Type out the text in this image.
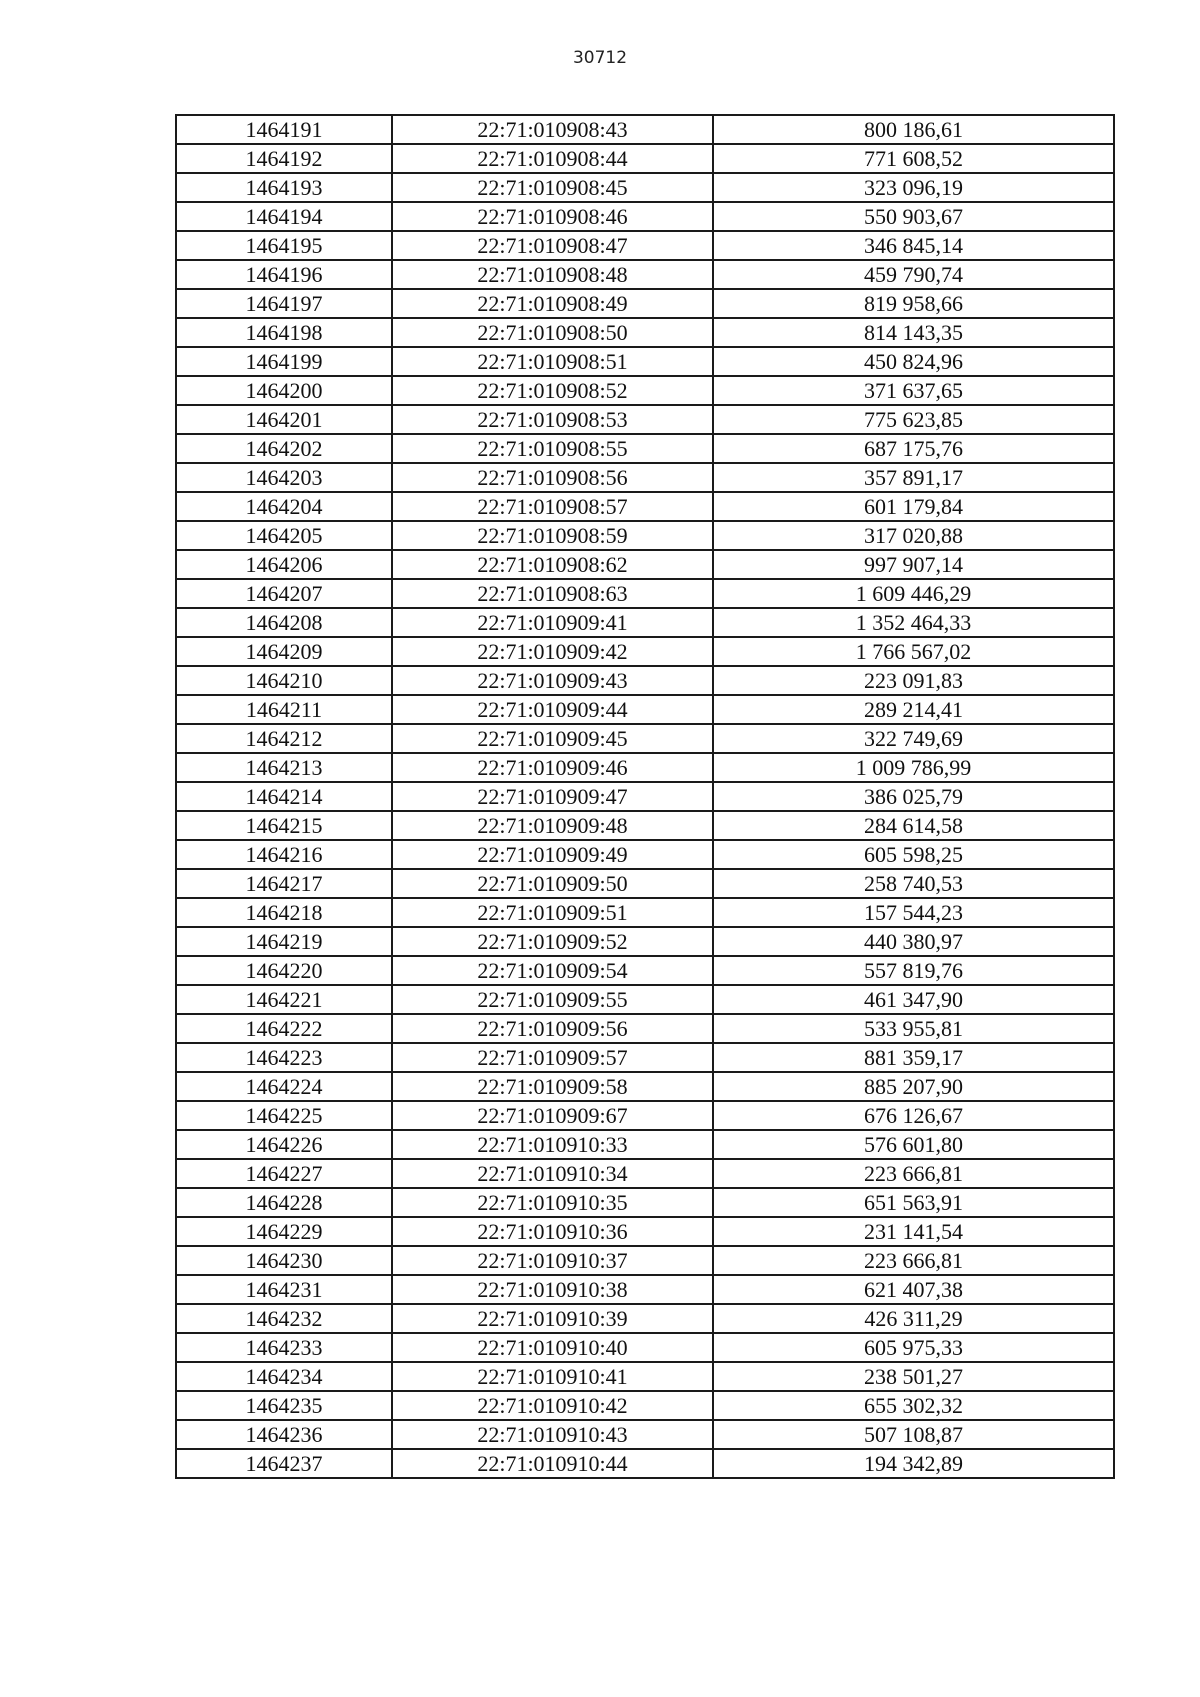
30712
1464191	22:71:010908:43	800 186,61
1464192	22:71:010908:44	771 608,52
1464193	22:71:010908:45	323 096,19
1464194	22:71:010908:46	550 903,67
1464195	22:71:010908:47	346 845,14
1464196	22:71:010908:48	459 790,74
1464197	22:71:010908:49	819 958,66
1464198	22:71:010908:50	814 143,35
1464199	22:71:010908:51	450 824,96
1464200	22:71:010908:52	371 637,65
1464201	22:71:010908:53	775 623,85
1464202	22:71:010908:55	687 175,76
1464203	22:71:010908:56	357 891,17
1464204	22:71:010908:57	601 179,84
1464205	22:71:010908:59	317 020,88
1464206	22:71:010908:62	997 907,14
1464207	22:71:010908:63	1 609 446,29
1464208	22:71:010909:41	1 352 464,33
1464209	22:71:010909:42	1 766 567,02
1464210	22:71:010909:43	223 091,83
1464211	22:71:010909:44	289 214,41
1464212	22:71:010909:45	322 749,69
1464213	22:71:010909:46	1 009 786,99
1464214	22:71:010909:47	386 025,79
1464215	22:71:010909:48	284 614,58
1464216	22:71:010909:49	605 598,25
1464217	22:71:010909:50	258 740,53
1464218	22:71:010909:51	157 544,23
1464219	22:71:010909:52	440 380,97
1464220	22:71:010909:54	557 819,76
1464221	22:71:010909:55	461 347,90
1464222	22:71:010909:56	533 955,81
1464223	22:71:010909:57	881 359,17
1464224	22:71:010909:58	885 207,90
1464225	22:71:010909:67	676 126,67
1464226	22:71:010910:33	576 601,80
1464227	22:71:010910:34	223 666,81
1464228	22:71:010910:35	651 563,91
1464229	22:71:010910:36	231 141,54
1464230	22:71:010910:37	223 666,81
1464231	22:71:010910:38	621 407,38
1464232	22:71:010910:39	426 311,29
1464233	22:71:010910:40	605 975,33
1464234	22:71:010910:41	238 501,27
1464235	22:71:010910:42	655 302,32
1464236	22:71:010910:43	507 108,87
1464237	22:71:010910:44	194 342,89
